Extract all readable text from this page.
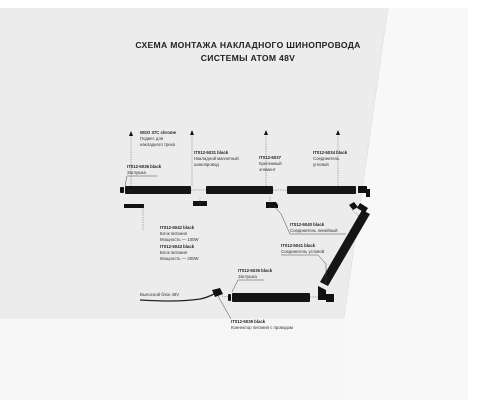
СХЕМА МОНТАЖА НАКЛАДНОГО ШИНОПРОВОДА
СИСТЕМЫ АТОМ 48V
WSO 37C chrome
Подвес для
накладного трека
IT012-5036 black
Заглушка
IT012-5031 black
Накладной магнитный
шинопровод
IT012-5037
Крепежный
элемент
IT012-5034 black
Соединитель
угловой
IT012-5042 black
Блок питания
Мощность — 100W
IT012-5043 black
Блок питания
Мощность — 200W
IT012-5040 black
Соединитель линейный
IT012-5041 black
Соединитель угловой
IT012-5035 black
Заглушка
Выносной блок 48V
IT012-5039 black
Коннектор питания с проводом
